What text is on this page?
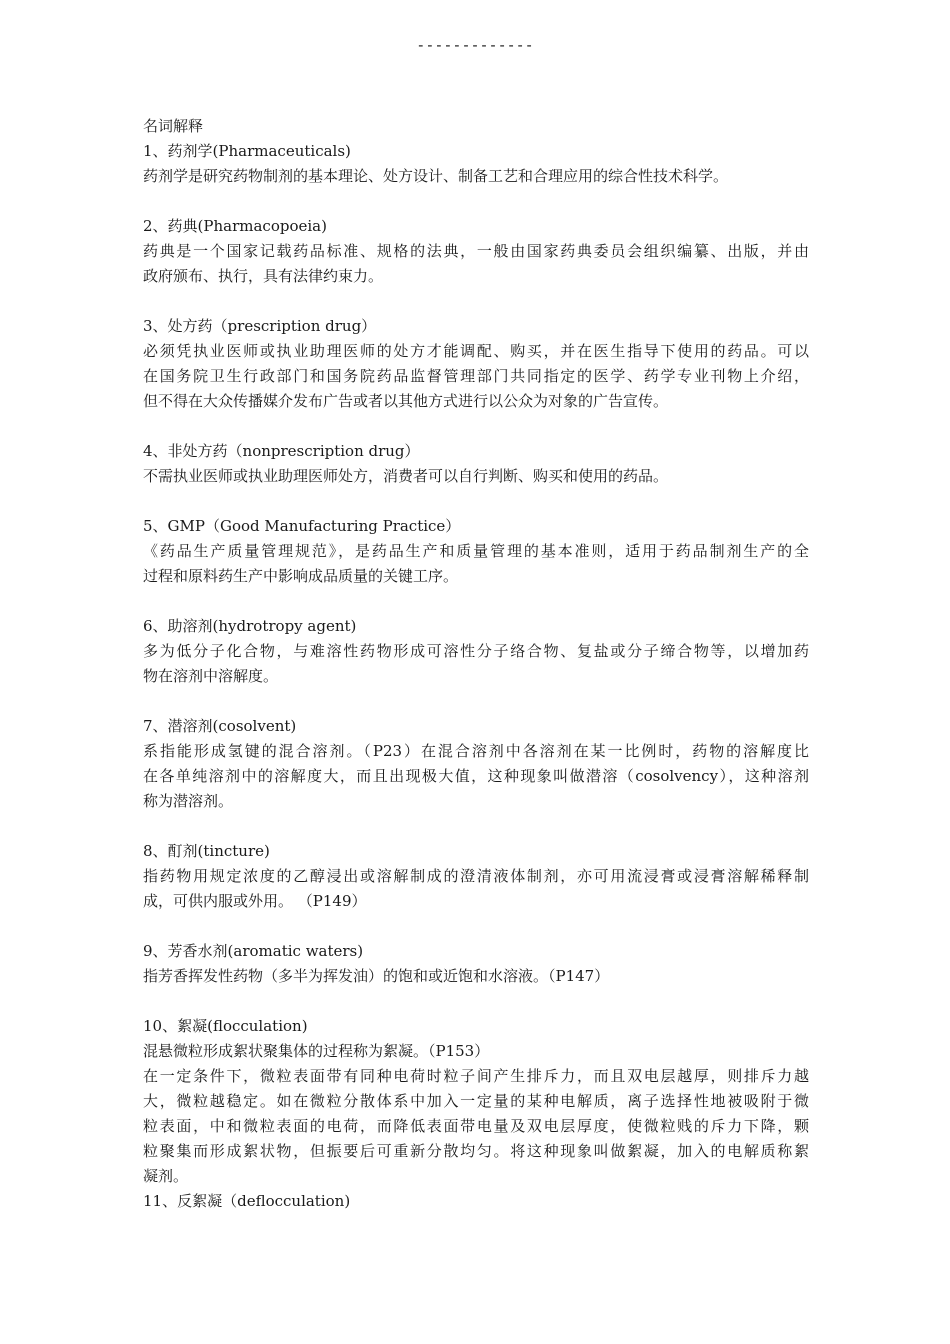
-------------
名词解释
1、药剂学(Pharmaceuticals)
药剂学是研究药物制剂的基本理论、处方设计、制备工艺和合理应用的综合性技术科学。
2、药典(Pharmacopoeia)
药典是一个国家记载药品标准、规格的法典，一般由国家药典委员会组织编纂、出版，并由
政府颁布、执行，具有法律约束力。
3、处方药（prescription drug）
必须凭执业医师或执业助理医师的处方才能调配、购买，并在医生指导下使用的药品。可以
在国务院卫生行政部门和国务院药品监督管理部门共同指定的医学、药学专业刊物上介绍，
但不得在大众传播媒介发布广告或者以其他方式进行以公众为对象的广告宣传。
4、非处方药（nonprescription drug）
不需执业医师或执业助理医师处方，消费者可以自行判断、购买和使用的药品。
5、GMP（Good Manufacturing Practice）
《药品生产质量管理规范》，是药品生产和质量管理的基本准则，适用于药品制剂生产的全
过程和原料药生产中影响成品质量的关键工序。
6、助溶剂(hydrotropy agent)
多为低分子化合物，与难溶性药物形成可溶性分子络合物、复盐或分子缔合物等，以增加药
物在溶剂中溶解度。
7、潜溶剂(cosolvent)
系指能形成氢键的混合溶剂。（P23）在混合溶剂中各溶剂在某一比例时，药物的溶解度比
在各单纯溶剂中的溶解度大，而且出现极大值，这种现象叫做潜溶（cosolvency），这种溶剂
称为潜溶剂。
8、酊剂(tincture)
指药物用规定浓度的乙醇浸出或溶解制成的澄清液体制剂，亦可用流浸膏或浸膏溶解稀释制
成，可供内服或外用。 （P149）
9、芳香水剂(aromatic waters)
指芳香挥发性药物（多半为挥发油）的饱和或近饱和水溶液。（P147）
10、絮凝(flocculation)
混悬微粒形成絮状聚集体的过程称为絮凝。（P153）
在一定条件下，微粒表面带有同种电荷时粒子间产生排斥力，而且双电层越厚，则排斥力越
大，微粒越稳定。如在微粒分散体系中加入一定量的某种电解质，离子选择性地被吸附于微
粒表面，中和微粒表面的电荷，而降低表面带电量及双电层厚度，使微粒贱的斥力下降，颗
粒聚集而形成絮状物，但振要后可重新分散均匀。将这种现象叫做絮凝，加入的电解质称絮
凝剂。
11、反絮凝（deflocculation)
